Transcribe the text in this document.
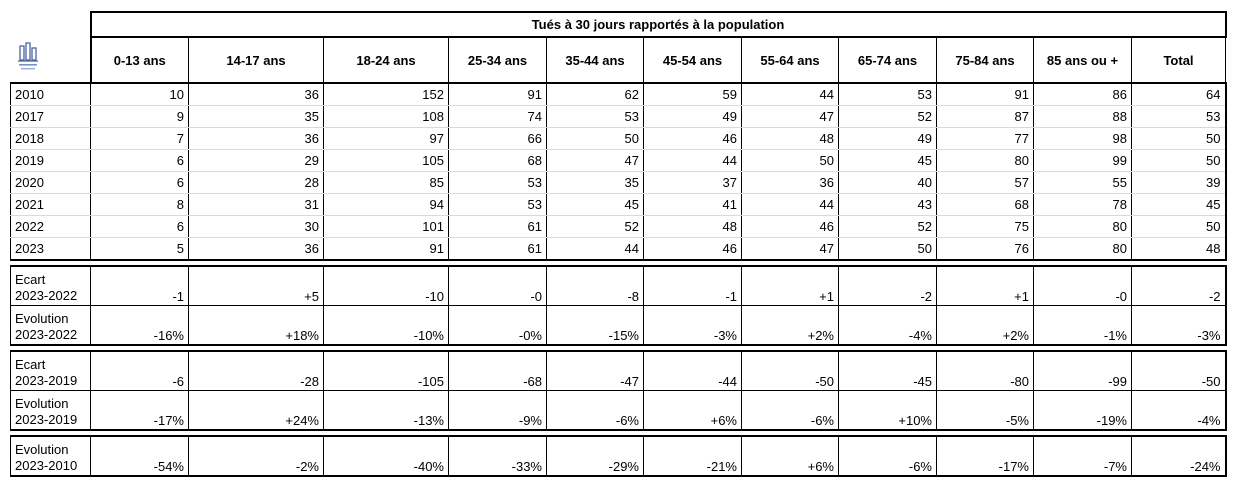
	Tués à 30 jours rapportés à la population										
	0-13 ans	14-17 ans	18-24 ans	25-34 ans	35-44 ans	45-54 ans	55-64 ans	65-74 ans	75-84 ans	85 ans ou +	Total
2010	10	36	152	91	62	59	44	53	91	86	64
2017	9	35	108	74	53	49	47	52	87	88	53
2018	7	36	97	66	50	46	48	49	77	98	50
2019	6	29	105	68	47	44	50	45	80	99	50
2020	6	28	85	53	35	37	36	40	57	55	39
2021	8	31	94	53	45	41	44	43	68	78	45
2022	6	30	101	61	52	48	46	52	75	80	50
2023	5	36	91	61	44	46	47	50	76	80	48

Ecart
2023-2022	-1	+5	-10	-0	-8	-1	+1	-2	+1	-0	-2

Evolution
2023-2022	-16%	+18%	-10%	-0%	-15%	-3%	+2%	-4%	+2%	-1%	-3%

Ecart
2023-2019	-6	-28	-105	-68	-47	-44	-50	-45	-80	-99	-50

Evolution
2023-2019	-17%	+24%	-13%	-9%	-6%	+6%	-6%	+10%	-5%	-19%	-4%

Evolution
2023-2010	-54%	-2%	-40%	-33%	-29%	-21%	+6%	-6%	-17%	-7%	-24%
